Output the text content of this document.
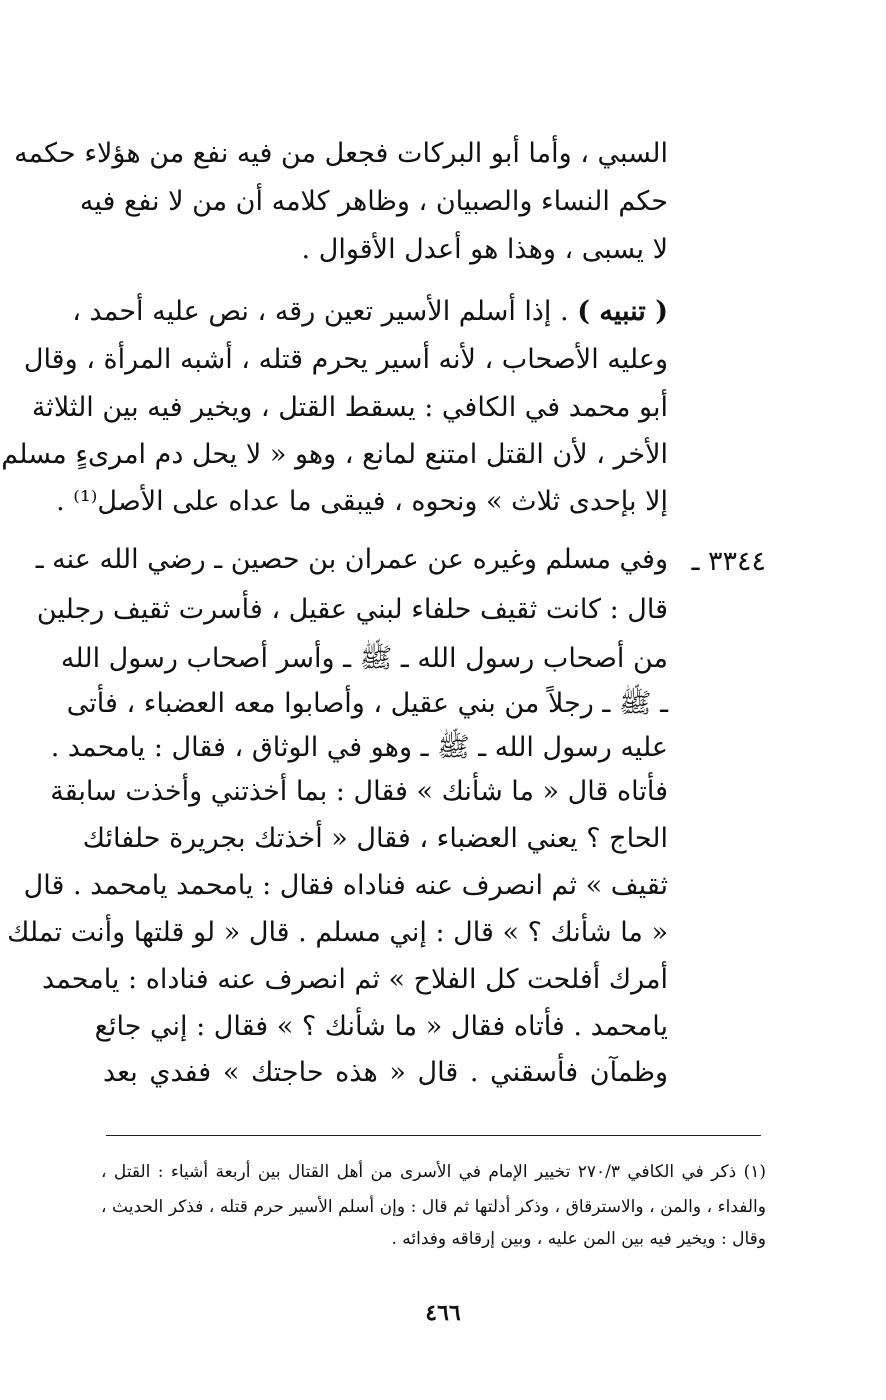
السبي ، وأما أبو البركات فجعل من فيه نفع من هؤلاء حكمه
حكم النساء والصبيان ، وظاهر كلامه أن من لا نفع فيه
لا يسبى ، وهذا هو أعدل الأقوال .
( تنبيه ) . إذا أسلم الأسير تعين رقه ، نص عليه أحمد ،
وعليه الأصحاب ، لأنه أسير يحرم قتله ، أشبه المرأة ، وقال
أبو محمد في الكافي : يسقط القتل ، ويخير فيه بين الثلاثة
الأخر ، لأن القتل امتنع لمانع ، وهو « لا يحل دم امرىءٍ مسلم
إلا بإحدى ثلاث » ونحوه ، فيبقى ما عداه على الأصل⁽¹⁾ .
٣٣٤٤ ـ
وفي مسلم وغيره عن عمران بن حصين ـ رضي الله عنه ـ
قال : كانت ثقيف حلفاء لبني عقيل ، فأسرت ثقيف رجلين
من أصحاب رسول الله ـ ﷺ ـ وأسر أصحاب رسول الله
ـ ﷺ ـ رجلاً من بني عقيل ، وأصابوا معه العضباء ، فأتى
عليه رسول الله ـ ﷺ ـ وهو في الوثاق ، فقال : يامحمد .
فأتاه قال « ما شأنك » فقال : بما أخذتني وأخذت سابقة
الحاج ؟ يعني العضباء ، فقال « أخذتك بجريرة حلفائك
ثقيف » ثم انصرف عنه فناداه فقال : يامحمد يامحمد . قال
« ما شأنك ؟ » قال : إني مسلم . قال « لو قلتها وأنت تملك
أمرك أفلحت كل الفلاح » ثم انصرف عنه فناداه : يامحمد
يامحمد . فأتاه فقال « ما شأنك ؟ » فقال : إني جائع
وظمآن فأسقني . قال « هذه حاجتك » ففدي بعد
(١) ذكر في الكافي ٢٧٠/٣ تخيير الإمام في الأسرى من أهل القتال بين أربعة أشياء : القتل ،
والفداء ، والمن ، والاسترقاق ، وذكر أدلتها ثم قال : وإن أسلم الأسير حرم قتله ، فذكر الحديث ،
وقال : ويخير فيه بين المن عليه ، وبين إرقاقه وفدائه .
٤٦٦
